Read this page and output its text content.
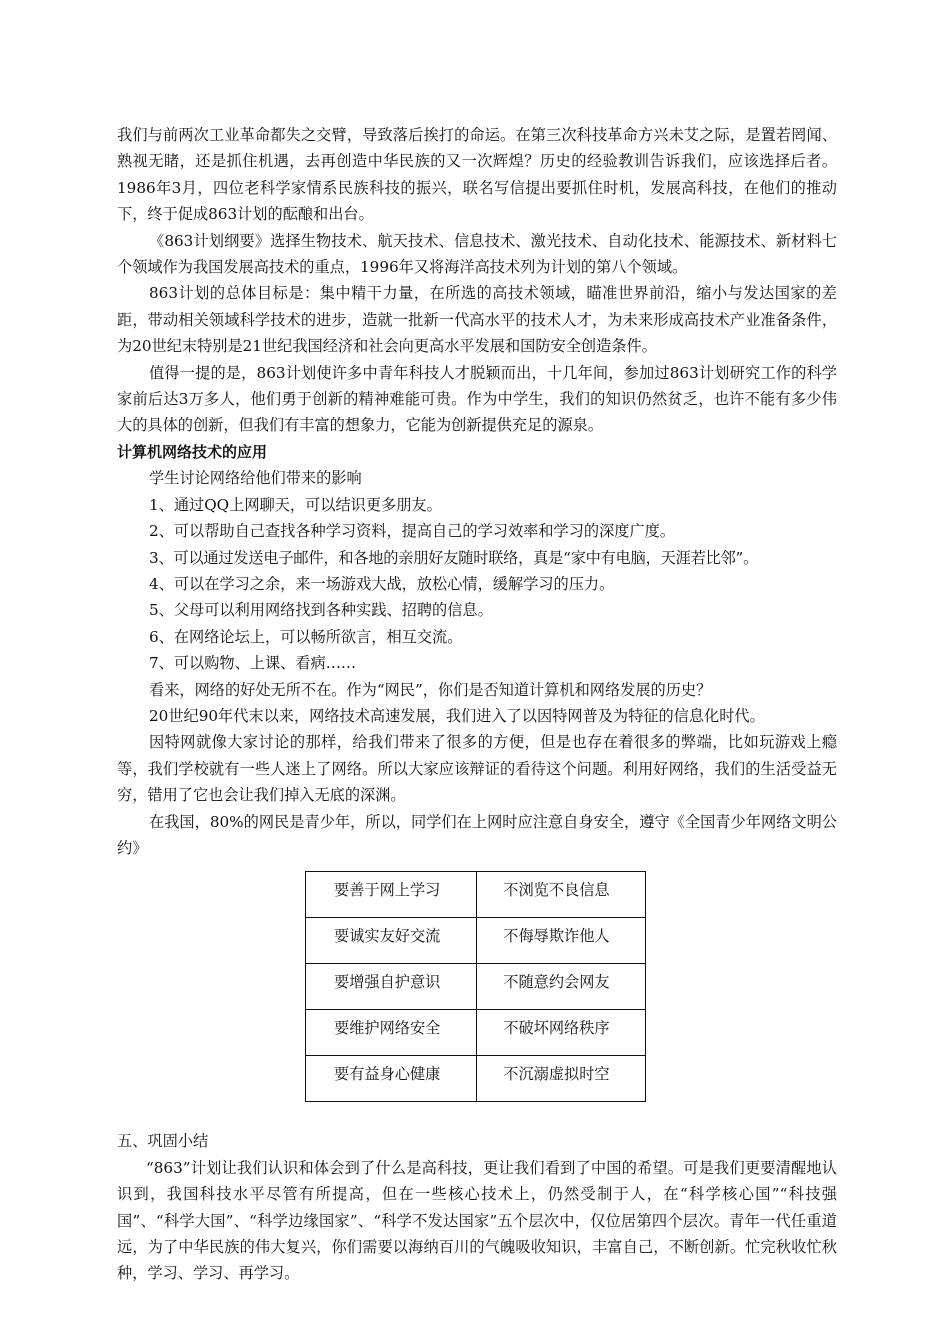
我们与前两次工业革命都失之交臂，导致落后挨打的命运。在第三次科技革命方兴未艾之际，是置若罔闻、熟视无睹，还是抓住机遇，去再创造中华民族的又一次辉煌？历史的经验教训告诉我们，应该选择后者。1986年3月，四位老科学家情系民族科技的振兴，联名写信提出要抓住时机，发展高科技，在他们的推动下，终于促成863计划的酝酿和出台。

《863计划纲要》选择生物技术、航天技术、信息技术、激光技术、自动化技术、能源技术、新材料七个领域作为我国发展高技术的重点，1996年又将海洋高技术列为计划的第八个领域。

863计划的总体目标是：集中精干力量，在所选的高技术领域，瞄准世界前沿，缩小与发达国家的差距，带动相关领域科学技术的进步，造就一批新一代高水平的技术人才，为未来形成高技术产业准备条件，为20世纪末特别是21世纪我国经济和社会向更高水平发展和国防安全创造条件。

值得一提的是，863计划使许多中青年科技人才脱颖而出，十几年间，参加过863计划研究工作的科学家前后达3万多人，他们勇于创新的精神难能可贵。作为中学生，我们的知识仍然贫乏，也许不能有多少伟大的具体的创新，但我们有丰富的想象力，它能为创新提供充足的源泉。

计算机网络技术的应用

学生讨论网络给他们带来的影响

1、通过QQ上网聊天，可以结识更多朋友。

2、可以帮助自己查找各种学习资料，提高自己的学习效率和学习的深度广度。

3、可以通过发送电子邮件，和各地的亲朋好友随时联络，真是“家中有电脑，天涯若比邻”。

4、可以在学习之余，来一场游戏大战，放松心情，缓解学习的压力。

5、父母可以利用网络找到各种实践、招聘的信息。

6、在网络论坛上，可以畅所欲言，相互交流。

7、可以购物、上课、看病……

看来，网络的好处无所不在。作为“网民”，你们是否知道计算机和网络发展的历史？

20世纪90年代末以来，网络技术高速发展，我们进入了以因特网普及为特征的信息化时代。

因特网就像大家讨论的那样，给我们带来了很多的方便，但是也存在着很多的弊端，比如玩游戏上瘾等，我们学校就有一些人迷上了网络。所以大家应该辩证的看待这个问题。利用好网络，我们的生活受益无穷，错用了它也会让我们掉入无底的深渊。

在我国，80%的网民是青少年，所以，同学们在上网时应注意自身安全，遵守《全国青少年网络文明公约》

要善于网上学习	不浏览不良信息
要诚实友好交流	不侮辱欺诈他人
要增强自护意识	不随意约会网友
要维护网络安全	不破坏网络秩序
要有益身心健康	不沉溺虚拟时空

五、巩固小结

“863”计划让我们认识和体会到了什么是高科技，更让我们看到了中国的希望。可是我们更要清醒地认识到，我国科技水平尽管有所提高，但在一些核心技术上，仍然受制于人，在“科学核心国”“科技强国”、“科学大国”、“科学边缘国家”、“科学不发达国家”五个层次中，仅位居第四个层次。青年一代任重道远，为了中华民族的伟大复兴，你们需要以海纳百川的气魄吸收知识，丰富自己，不断创新。忙完秋收忙秋种，学习、学习、再学习。
